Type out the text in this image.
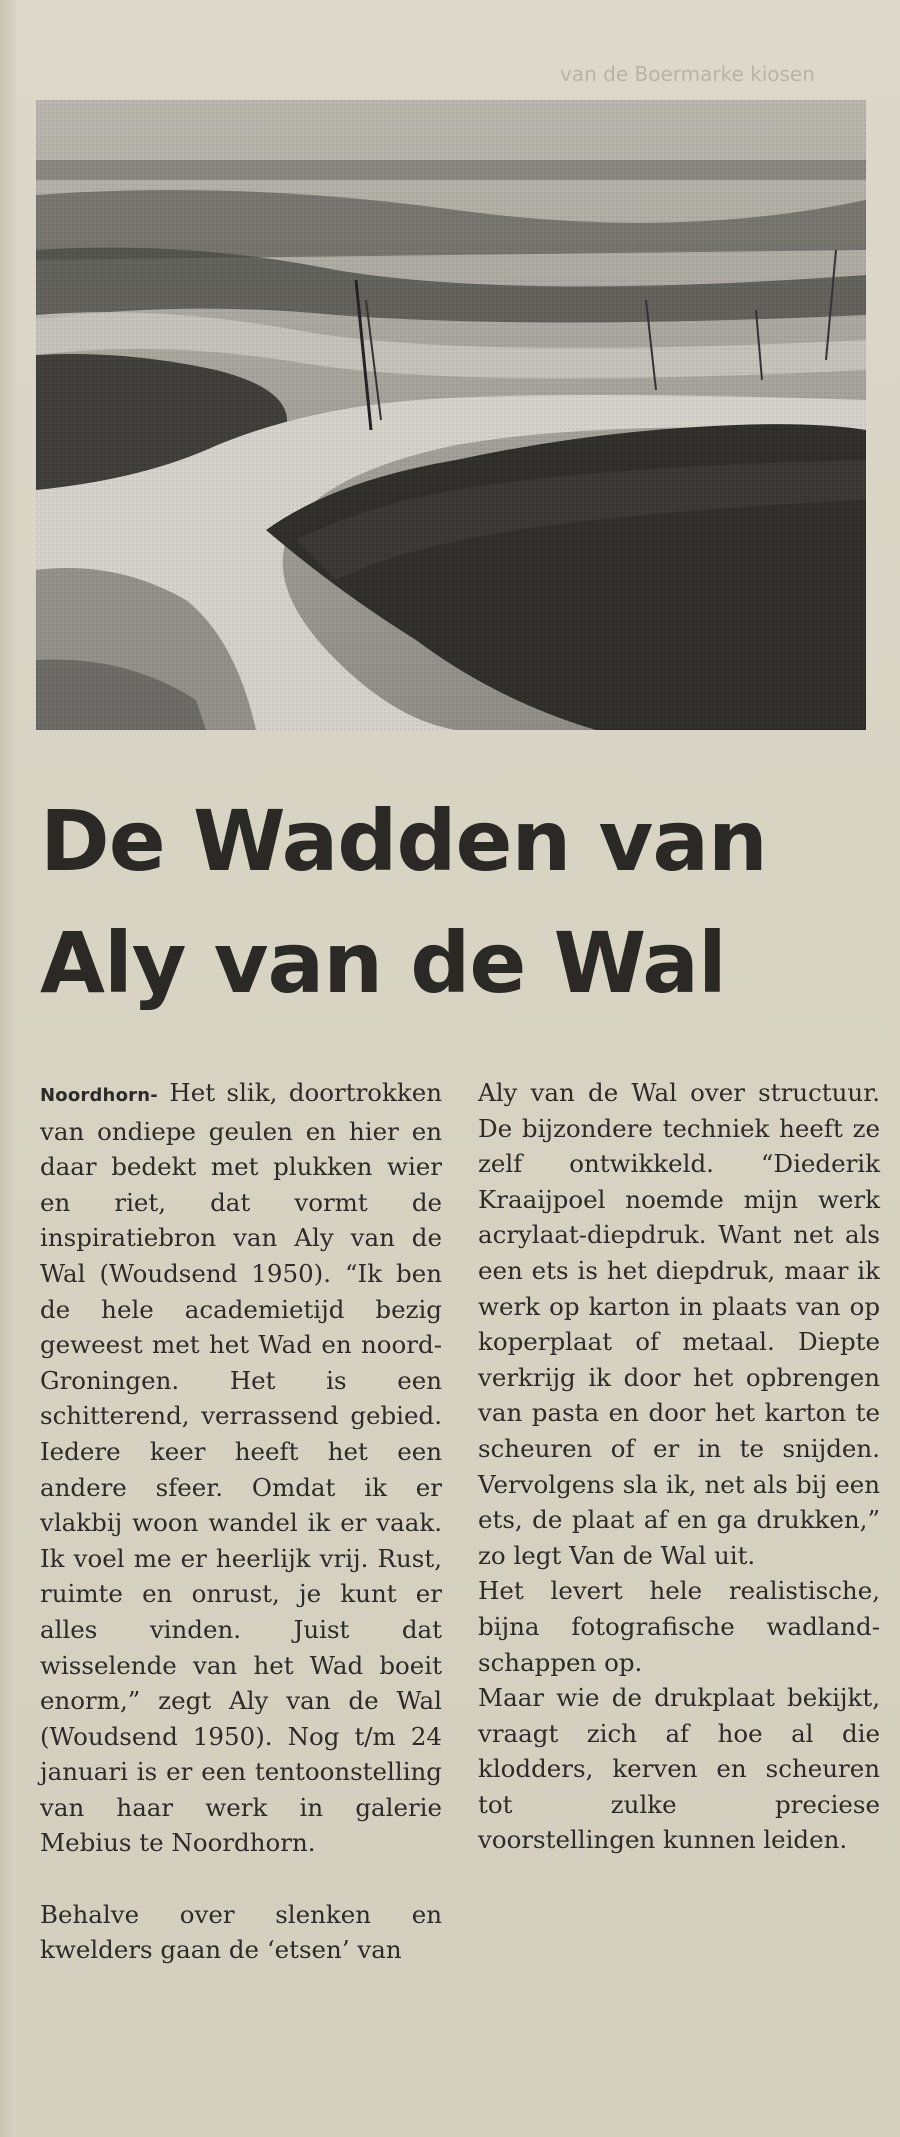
van de Boermarke kiosen
De Wadden van
Aly van de Wal

Noordhorn- Het slik, doortrokken van ondiepe geulen en hier en daar bedekt met plukken wier en riet, dat vormt de inspiratiebron van Aly van de Wal (Woudsend 1950). “Ik ben de hele academietijd bezig geweest met het Wad en noord-Groningen. Het is een schitterend, verrassend gebied. Iedere keer heeft het een andere sfeer. Omdat ik er vlakbij woon wandel ik er vaak. Ik voel me er heerlijk vrij. Rust, ruimte en onrust, je kunt er alles vinden. Juist dat wisselende van het Wad boeit enorm,” zegt Aly van de Wal (Woudsend 1950). Nog t/m 24 januari is er een tentoonstelling van haar werk in galerie Mebius te Noordhorn.

Behalve over slenken en kwelders gaan de ‘etsen’ van

Aly van de Wal over structuur. De bijzondere techniek heeft ze zelf ontwikkeld. “Diederik Kraaijpoel noemde mijn werk acrylaat-diepdruk. Want net als een ets is het diepdruk, maar ik werk op karton in plaats van op koperplaat of metaal. Diepte verkrijg ik door het opbrengen van pasta en door het karton te scheuren of er in te snijden. Vervolgens sla ik, net als bij een ets, de plaat af en ga drukken,” zo legt Van de Wal uit.

Het levert hele realistische, bijna fotografische wadlandschappen op.

Maar wie de drukplaat bekijkt, vraagt zich af hoe al die klodders, kerven en scheuren tot zulke preciese voorstellingen kunnen leiden.
